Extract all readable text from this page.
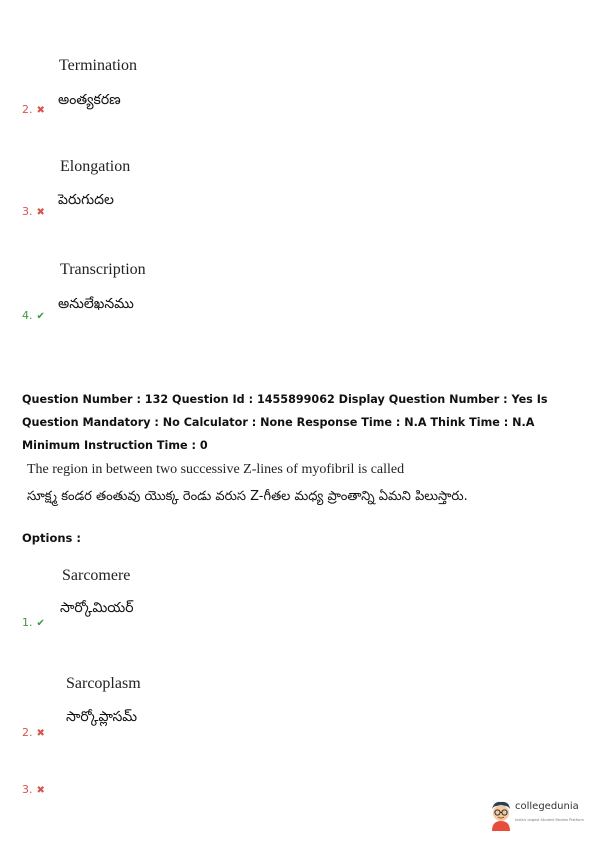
Termination
అంత్యకరణ
2. ✖
Elongation
పెరుగుదల
3. ✖
Transcription
అనులేఖనము
4. ✔
Question Number : 132 Question Id : 1455899062 Display Question Number : Yes Is Question Mandatory : No Calculator : None Response Time : N.A Think Time : N.A Minimum Instruction Time : 0
The region in between two successive Z-lines of myofibril is called
సూక్ష్మ కండర తంతువు యొక్క రెండు వరుస Z-గీతల మధ్య ప్రాంతాన్ని ఏమని పిలుస్తారు.
Options :
Sarcomere
సార్కోమియర్
1. ✔
Sarcoplasm
సార్కోప్లాసమ్
2. ✖
3. ✖
collegedunia
India's largest Student Review Platform
